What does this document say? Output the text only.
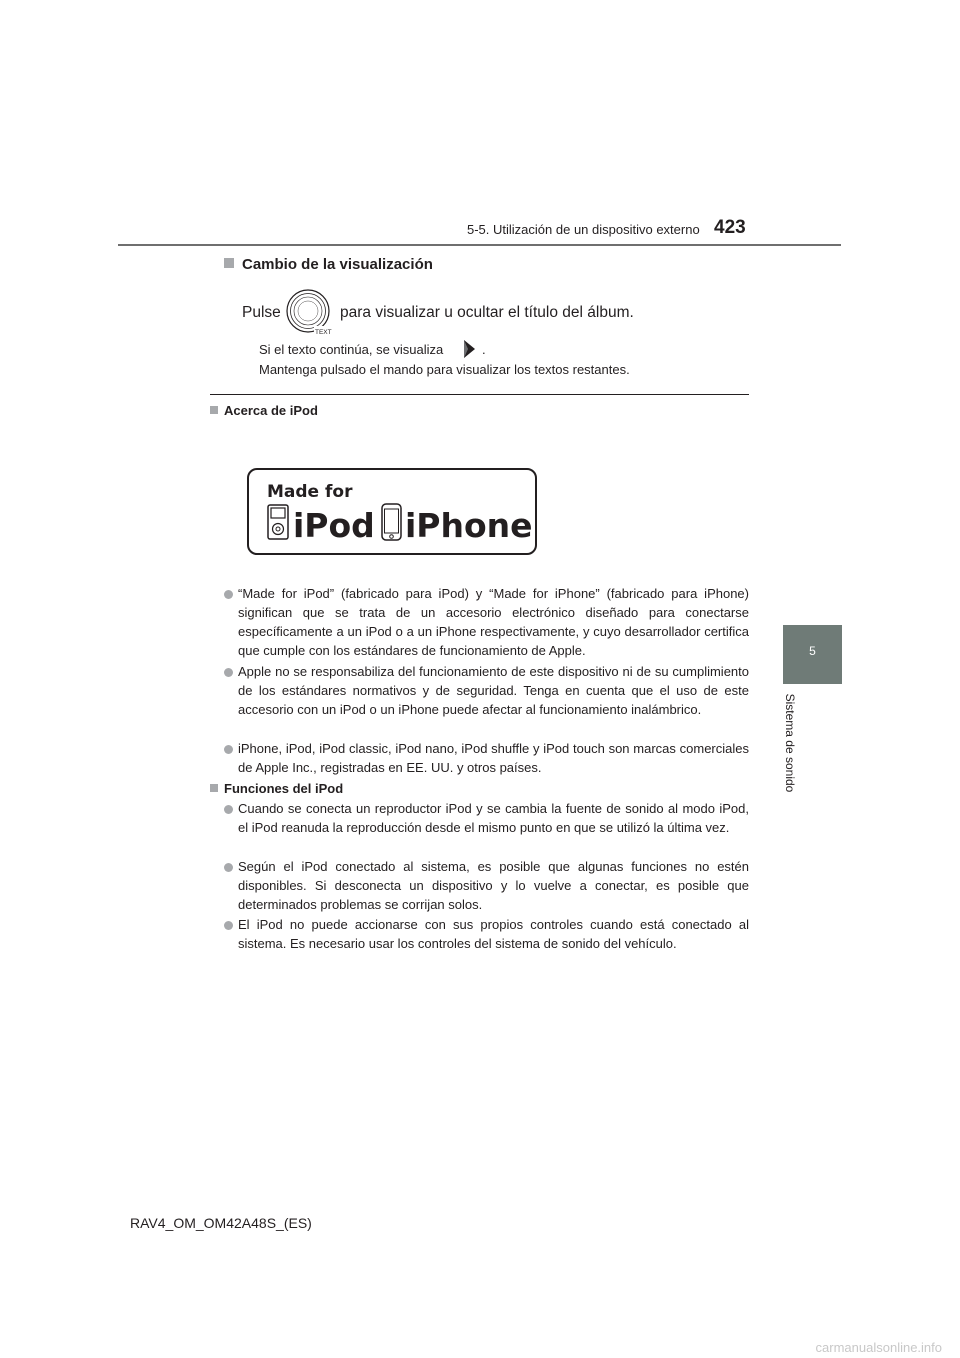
5-5. Utilización de un dispositivo externo 423
5
Sistema de sonido
Cambio de la visualización
Pulse
TEXT
para visualizar u ocultar el título del álbum.
Si el texto continúa, se visualiza	.
Mantenga pulsado el mando para visualizar los textos restantes.
Acerca de iPod
Made for
iPod iPhone
“Made for iPod” (fabricado para iPod) y “Made for iPhone” (fabricado para iPhone) significan que se trata de un accesorio electrónico diseñado para conectarse específicamente a un iPod o a un iPhone respectivamente, y cuyo desarrollador certifica que cumple con los estándares de funcionamiento de Apple.
Apple no se responsabiliza del funcionamiento de este dispositivo ni de su cumplimiento de los estándares normativos y de seguridad. Tenga en cuenta que el uso de este accesorio con un iPod o un iPhone puede afectar al funcionamiento inalámbrico.
iPhone, iPod, iPod classic, iPod nano, iPod shuffle y iPod touch son marcas comerciales de Apple Inc., registradas en EE. UU. y otros países.
Funciones del iPod
Cuando se conecta un reproductor iPod y se cambia la fuente de sonido al modo iPod, el iPod reanuda la reproducción desde el mismo punto en que se utilizó la última vez.
Según el iPod conectado al sistema, es posible que algunas funciones no estén disponibles. Si desconecta un dispositivo y lo vuelve a conectar, es posible que determinados problemas se corrijan solos.
El iPod no puede accionarse con sus propios controles cuando está conectado al sistema. Es necesario usar los controles del sistema de sonido del vehículo.
RAV4_OM_OM42A48S_(ES)
carmanualsonline.info
